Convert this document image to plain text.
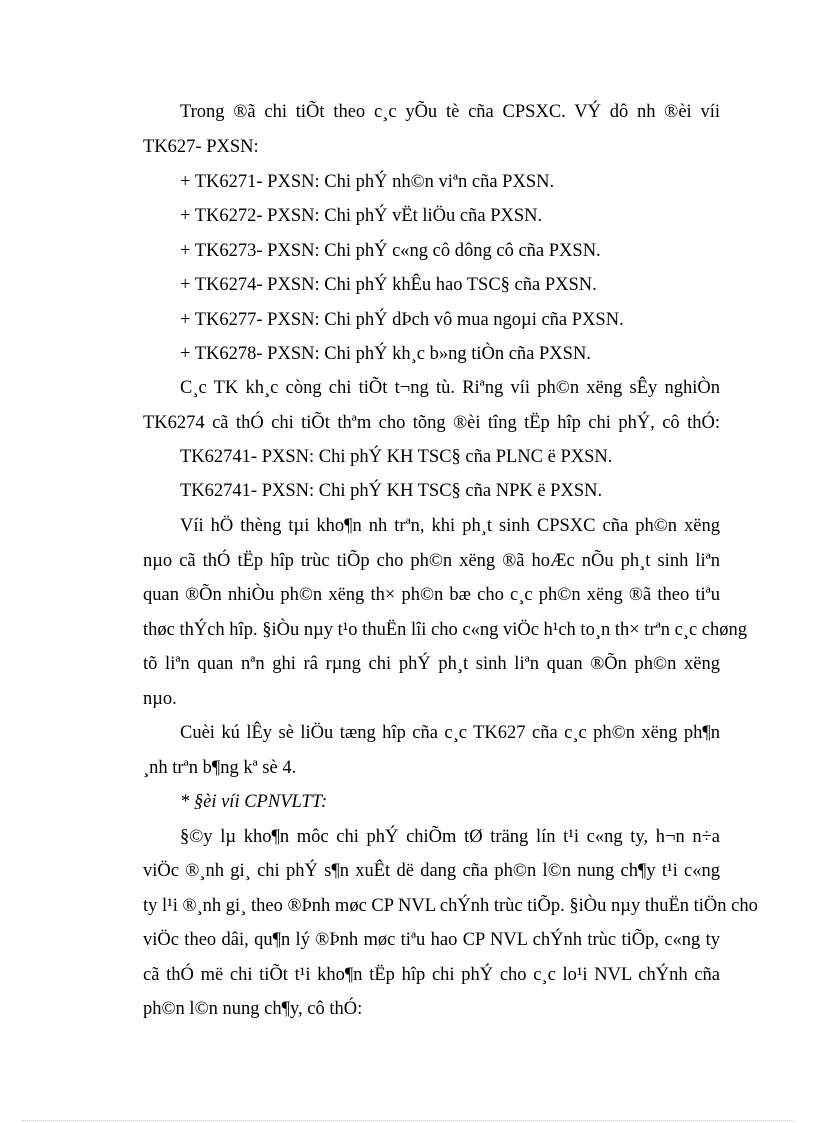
Trong ®ã chi tiÕt theo c¸c yÕu tè cña CPSXC. VÝ dô nh ®èi víi
TK627- PXSN:
+ TK6271- PXSN: Chi phÝ nh©n viªn cña PXSN.
+ TK6272- PXSN: Chi phÝ vËt liÖu cña PXSN.
+ TK6273- PXSN: Chi phÝ c«ng cô dông cô cña PXSN.
+ TK6274- PXSN: Chi phÝ khÊu hao TSC§ cña PXSN.
+ TK6277- PXSN: Chi phÝ dÞch vô mua ngoµi cña PXSN.
+ TK6278- PXSN: Chi phÝ kh¸c b»ng tiÒn cña PXSN.
C¸c TK kh¸c còng chi tiÕt t¬ng tù. Riªng víi ph©n xëng sÊy nghiÒn
TK6274 cã thÓ chi tiÕt thªm cho tõng ®èi tîng tËp hîp chi phÝ, cô thÓ:
TK62741- PXSN: Chi phÝ KH TSC§ cña PLNC ë PXSN.
TK62741- PXSN: Chi phÝ KH TSC§ cña NPK ë PXSN.
Víi hÖ thèng tµi kho¶n nh trªn, khi ph¸t sinh CPSXC cña ph©n xëng
nµo cã thÓ tËp hîp trùc tiÕp cho ph©n xëng ®ã hoÆc nÕu ph¸t sinh liªn
quan ®Õn nhiÒu ph©n xëng th× ph©n bæ cho c¸c ph©n xëng ®ã theo tiªu
thøc thÝch hîp. §iÒu nµy t¹o thuËn lîi cho c«ng viÖc h¹ch to¸n th× trªn c¸c chøng
tõ liªn quan nªn ghi râ rµng chi phÝ ph¸t sinh liªn quan ®Õn ph©n xëng
nµo.
Cuèi kú lÊy sè liÖu tæng hîp cña c¸c TK627 cña c¸c ph©n xëng ph¶n
¸nh trªn b¶ng kª sè 4.
* §èi víi CPNVLTT:
§©y lµ kho¶n môc chi phÝ chiÕm tØ träng lín t¹i c«ng ty, h¬n n÷a
viÖc ®¸nh gi¸ chi phÝ s¶n xuÊt dë dang cña ph©n l©n nung ch¶y t¹i c«ng
ty l¹i ®¸nh gi¸ theo ®Þnh møc CP NVL chÝnh trùc tiÕp. §iÒu nµy thuËn tiÖn cho
viÖc theo dâi, qu¶n lý ®Þnh møc tiªu hao CP NVL chÝnh trùc tiÕp, c«ng ty
cã thÓ më chi tiÕt t¹i kho¶n tËp hîp chi phÝ cho c¸c lo¹i NVL chÝnh cña
ph©n l©n nung ch¶y, cô thÓ:
